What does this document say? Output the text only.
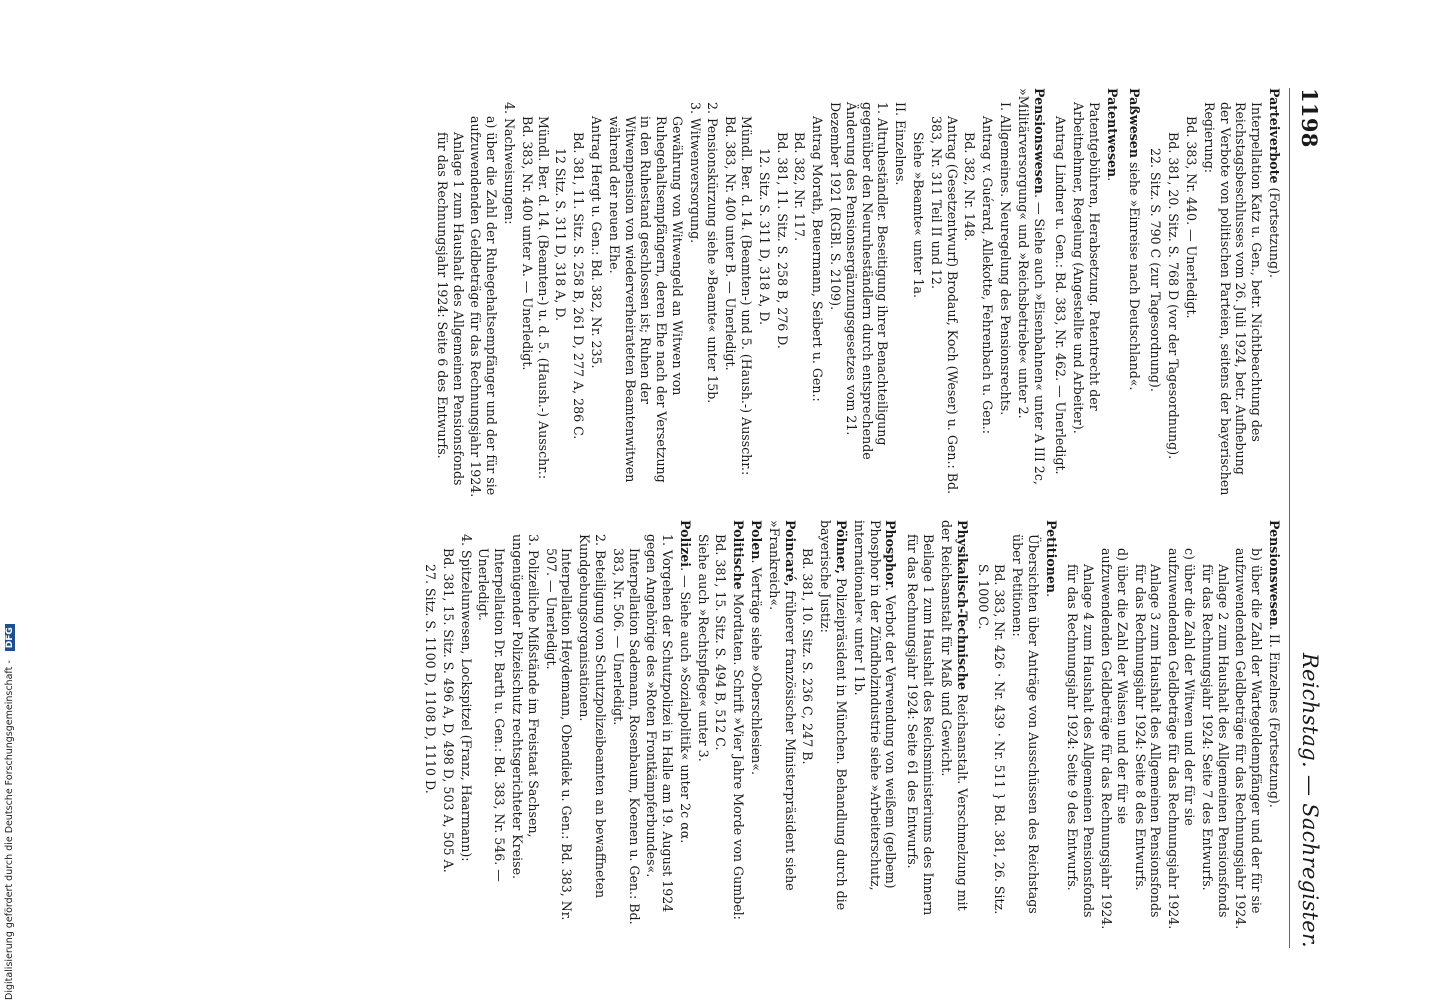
1198
Reichstag. — Sachregister.

Parteiverbote (Fortsetzung).

Interpellation Katz u. Gen., betr. Nichtbeachtung des Reichstagsbeschlusses vom 26. Juli 1924, betr. Aufhebung der Verbote von politischen Parteien, seitens der bayerischen Regierung:

Bd. 383, Nr. 440. — Unerledigt.

Bd. 381, 20. Sitz. S. 768 D (vor der Tagesordnung).

22. Sitz. S. 790 C (zur Tagesordnung).

Paßwesen siehe »Einreise nach Deutschland«.

Patentwesen.

Patentgebühren, Herabsetzung. Patentrecht der Arbeitnehmer, Regelung (Angestellte und Arbeiter).

Antrag Lindner u. Gen.: Bd. 383, Nr. 462. — Unerledigt.

Pensionswesen. — Siehe auch »Eisenbahnen« unter A III 2c, »Militärversorgung« und »Reichsbetriebe« unter 2.

I. Allgemeines. Neuregelung des Pensionsrechts.

Antrag v. Guérard, Allekotte, Fehrenbach u. Gen.:

Bd. 382, Nr. 148.

Antrag (Gesetzentwurf) Brodauf, Koch (Weser) u. Gen.: Bd. 383, Nr. 311 Teil II und 12.

Siehe »Beamte« unter 1a.

II. Einzelnes.

1. Altruheständler. Beseitigung ihrer Benachteiligung gegenüber den Neuruheständlern durch entsprechende Änderung des Pensionsergänzungsgesetzes vom 21. Dezember 1921 (RGBl. S. 2109).

Antrag Morath, Beuermann, Seibert u. Gen.:

Bd. 382, Nr. 117.

Bd. 381, 11. Sitz. S. 258 B, 276 D.

12. Sitz. S. 311 D, 318 A, D.

Mündl. Ber. d. 14. (Beamten-) und 5. (Haush.-) Ausschr.: Bd. 383, Nr. 400 unter B. — Unerledigt.

2. Pensionskürzung siehe »Beamte« unter 15b.

3. Witwenversorgung.

Gewährung von Witwengeld an Witwen von Ruhegehaltsempfängern, deren Ehe nach der Versetzung in den Ruhestand geschlossen ist; Ruhen der Witwenpension von wiederverheirateten Beamtenwitwen während der neuen Ehe.

Antrag Hergt u. Gen.: Bd. 382, Nr. 235.

Bd. 381, 11. Sitz. S. 258 B, 261 D, 277 A, 286 C.

12 Sitz. S. 311 D, 318 A, D.

Mündl. Ber. d. 14. (Beamten-) u. d. 5. (Haush.-) Ausschr.: Bd. 383, Nr. 400 unter A. — Unerledigt.

4. Nachweisungen:

a) über die Zahl der Ruhegehaltsempfänger und der für sie aufzuwendenden Geldbeträge für das Rechnungsjahr 1924.

Anlage 1 zum Haushalt des Allgemeinen Pensionsfonds für das Rechnungsjahr 1924: Seite 6 des Entwurfs.

Pensionswesen. II. Einzelnes (Fortsetzung).

b) über die Zahl der Wartegeldempfänger und der für sie aufzuwendenden Geldbeträge für das Rechnungsjahr 1924.

Anlage 2 zum Haushalt des Allgemeinen Pensionsfonds für das Rechnungsjahr 1924: Seite 7 des Entwurfs.

c) über die Zahl der Witwen und der für sie aufzuwendenden Geldbeträge für das Rechnungsjahr 1924.

Anlage 3 zum Haushalt des Allgemeinen Pensionsfonds für das Rechnungsjahr 1924: Seite 8 des Entwurfs.

d) über die Zahl der Waisen und der für sie aufzuwendenden Geldbeträge für das Rechnungsjahr 1924.

Anlage 4 zum Haushalt des Allgemeinen Pensionsfonds für das Rechnungsjahr 1924: Seite 9 des Entwurfs.

Petitionen.

Übersichten über Anträge von Ausschüssen des Reichstags über Petitionen:

Bd. 383, Nr. 426 · Nr. 439 · Nr. 511 } Bd. 381, 26. Sitz. S. 1000 C.

Physikalisch-Technische Reichsanstalt. Verschmelzung mit der Reichsanstalt für Maß und Gewicht.

Beilage 1 zum Haushalt des Reichsministeriums des Innern für das Rechnungsjahr 1924: Seite 61 des Entwurfs.

Phosphor. Verbot der Verwendung von weißem (gelbem) Phosphor in der Zündholzindustrie siehe »Arbeiterschutz, internationaler« unter I 1b.

Pöhner, Polizeipräsident in München. Behandlung durch die bayerische Justiz:

Bd. 381, 10. Sitz. S. 236 C, 247 B.

Poincaré, früherer französischer Ministerpräsident siehe »Frankreich«.

Polen. Verträge siehe »Oberschlesien«.

Politische Mordtaten. Schrift »Vier Jahre Morde von Gumbel:

Bd. 381, 15. Sitz. S. 494 B, 512 C.

Siehe auch »Rechtspflege« unter 3.

Polizei. — Siehe auch »Sozialpolitik« unter 2c αα.

1. Vorgehen der Schutzpolizei in Halle am 19. August 1924 gegen Angehörige des »Roten Frontkämpferbundes«.

Interpellation Sademann, Rosenbaum, Koenen u. Gen.: Bd. 383, Nr. 506. — Unerledigt.

2. Beteiligung von Schutzpolizeibeamten an bewaffneten Kundgebungsorganisationen.

Interpellation Heydemann, Obendiek u. Gen.: Bd. 383, Nr. 507. — Unerledigt.

3. Polizeiliche Mißstände im Freistaat Sachsen, ungenügender Polizeischutz rechtsgerichteter Kreise.

Interpellation Dr. Barth u. Gen.: Bd. 383, Nr. 546. — Unerledigt.

4. Spitzelunwesen, Lockspitzel (Franz, Haarmann):

Bd. 381, 15. Sitz. S. 496 A, D, 498 D, 503 A, 505 A.

27. Sitz. S. 1100 D, 1108 D, 1110 D.

Digitalisierung gefördert durch die Deutsche Forschungsgemeinschaft - DFG
